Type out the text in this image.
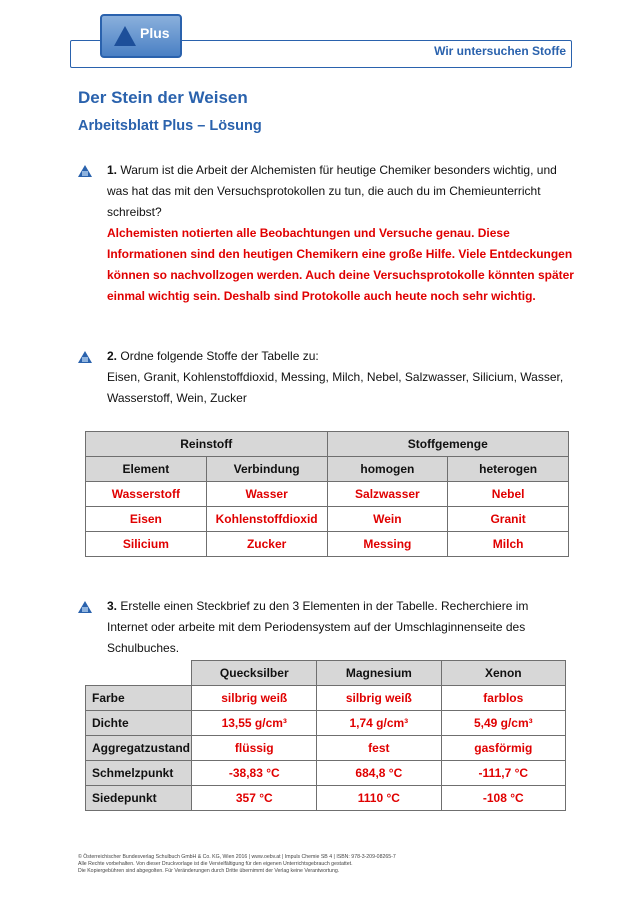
Plus
Wir untersuchen Stoffe
Der Stein der Weisen
Arbeitsblatt Plus – Lösung
1. Warum ist die Arbeit der Alchemisten für heutige Chemiker besonders wichtig, und was hat das mit den Versuchsprotokollen zu tun, die auch du im Chemieunterricht schreibst?
Alchemisten notierten alle Beobachtungen und Versuche genau. Diese Informationen sind den heutigen Chemikern eine große Hilfe. Viele Entdeckungen können so nachvollzogen werden. Auch deine Versuchsprotokolle könnten später einmal wichtig sein. Deshalb sind Protokolle auch heute noch sehr wichtig.
2. Ordne folgende Stoffe der Tabelle zu:
Eisen, Granit, Kohlenstoffdioxid, Messing, Milch, Nebel, Salzwasser, Silicium, Wasser, Wasserstoff, Wein, Zucker
Reinstoff		Stoffgemenge	
Element	Verbindung	homogen	heterogen
Wasserstoff	Wasser	Salzwasser	Nebel
Eisen	Kohlenstoffdioxid	Wein	Granit
Silicium	Zucker	Messing	Milch
3. Erstelle einen Steckbrief zu den 3 Elementen in der Tabelle. Recherchiere im Internet oder arbeite mit dem Periodensystem auf der Umschlaginnenseite des Schulbuches.
	Quecksilber	Magnesium	Xenon
Farbe	silbrig weiß	silbrig weiß	farblos
Dichte	13,55 g/cm³	1,74 g/cm³	5,49 g/cm³
Aggregatzustand	flüssig	fest	gasförmig
Schmelzpunkt	-38,83 °C	684,8 °C	-111,7 °C
Siedepunkt	357 °C	1110 °C	-108 °C
© Österreichischer Bundesverlag Schulbuch GmbH & Co. KG, Wien 2016 | www.oebv.at | Impuls Chemie SB 4 | ISBN: 978-3-209-08265-7
Alle Rechte vorbehalten. Von dieser Druckvorlage ist die Vervielfältigung für den eigenen Unterrichtsgebrauch gestattet.
Die Kopiergebühren sind abgegolten. Für Veränderungen durch Dritte übernimmt der Verlag keine Verantwortung.
